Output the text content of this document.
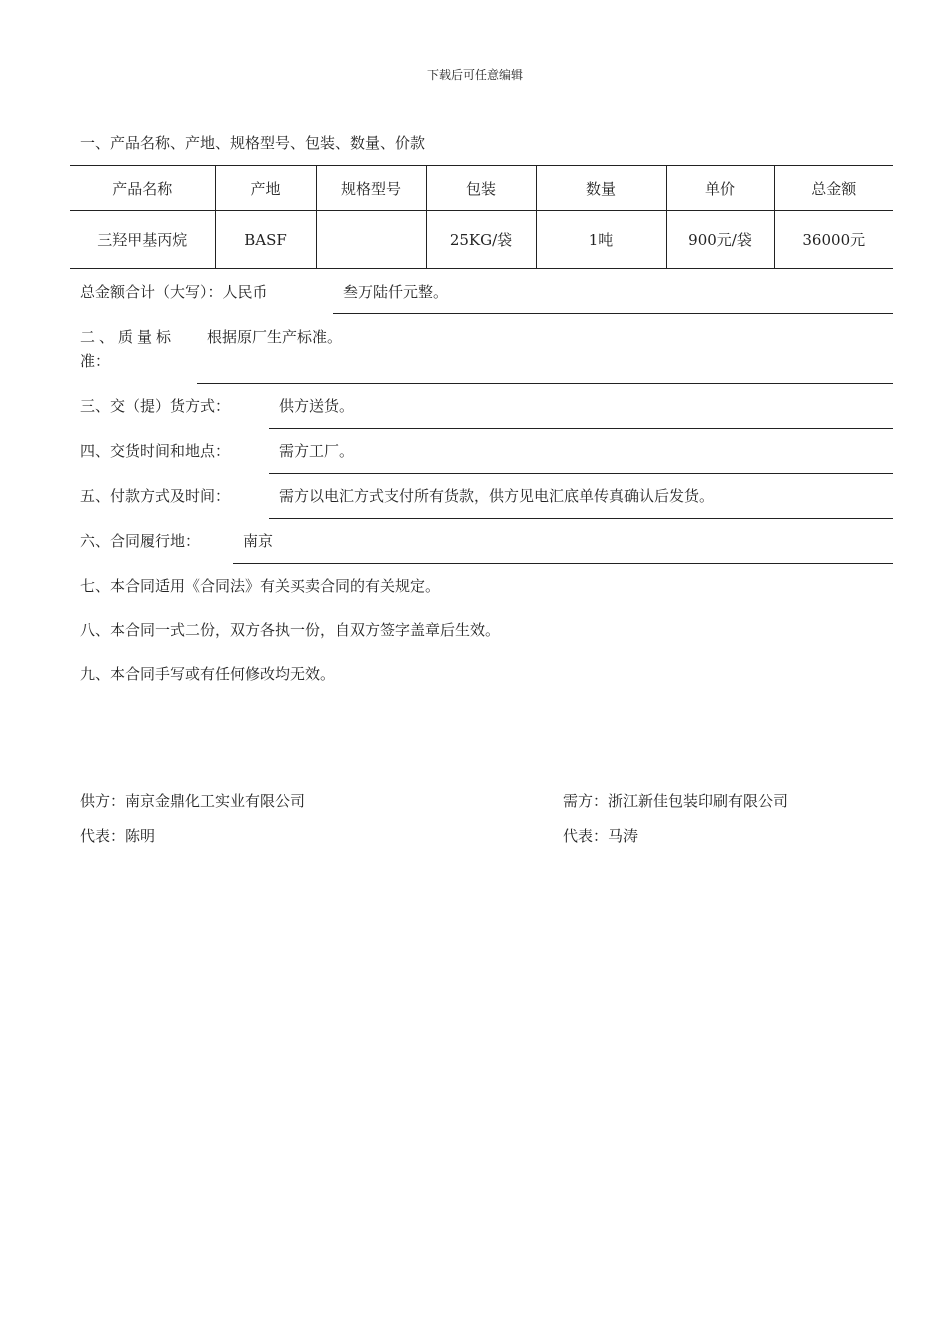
下载后可任意编辑
一、产品名称、产地、规格型号、包装、数量、价款
产品名称	产地	规格型号	包装	数量	单价	总金额
三羟甲基丙烷	BASF		25KG/袋	1吨	900元/袋	36000元
总金额合计（大写）：人民币	叁万陆仟元整。
二、质量标
准：
根据原厂生产标准。
三、交（提）货方式：	供方送货。
四、交货时间和地点：	需方工厂。
五、付款方式及时间：	需方以电汇方式支付所有货款，供方见电汇底单传真确认后发货。
六、合同履行地：	南京
七、本合同适用《合同法》有关买卖合同的有关规定。
八、本合同一式二份，双方各执一份，自双方签字盖章后生效。
九、本合同手写或有任何修改均无效。
供方：南京金鼎化工实业有限公司
代表：陈明
需方：浙江新佳包装印刷有限公司
代表：马涛
